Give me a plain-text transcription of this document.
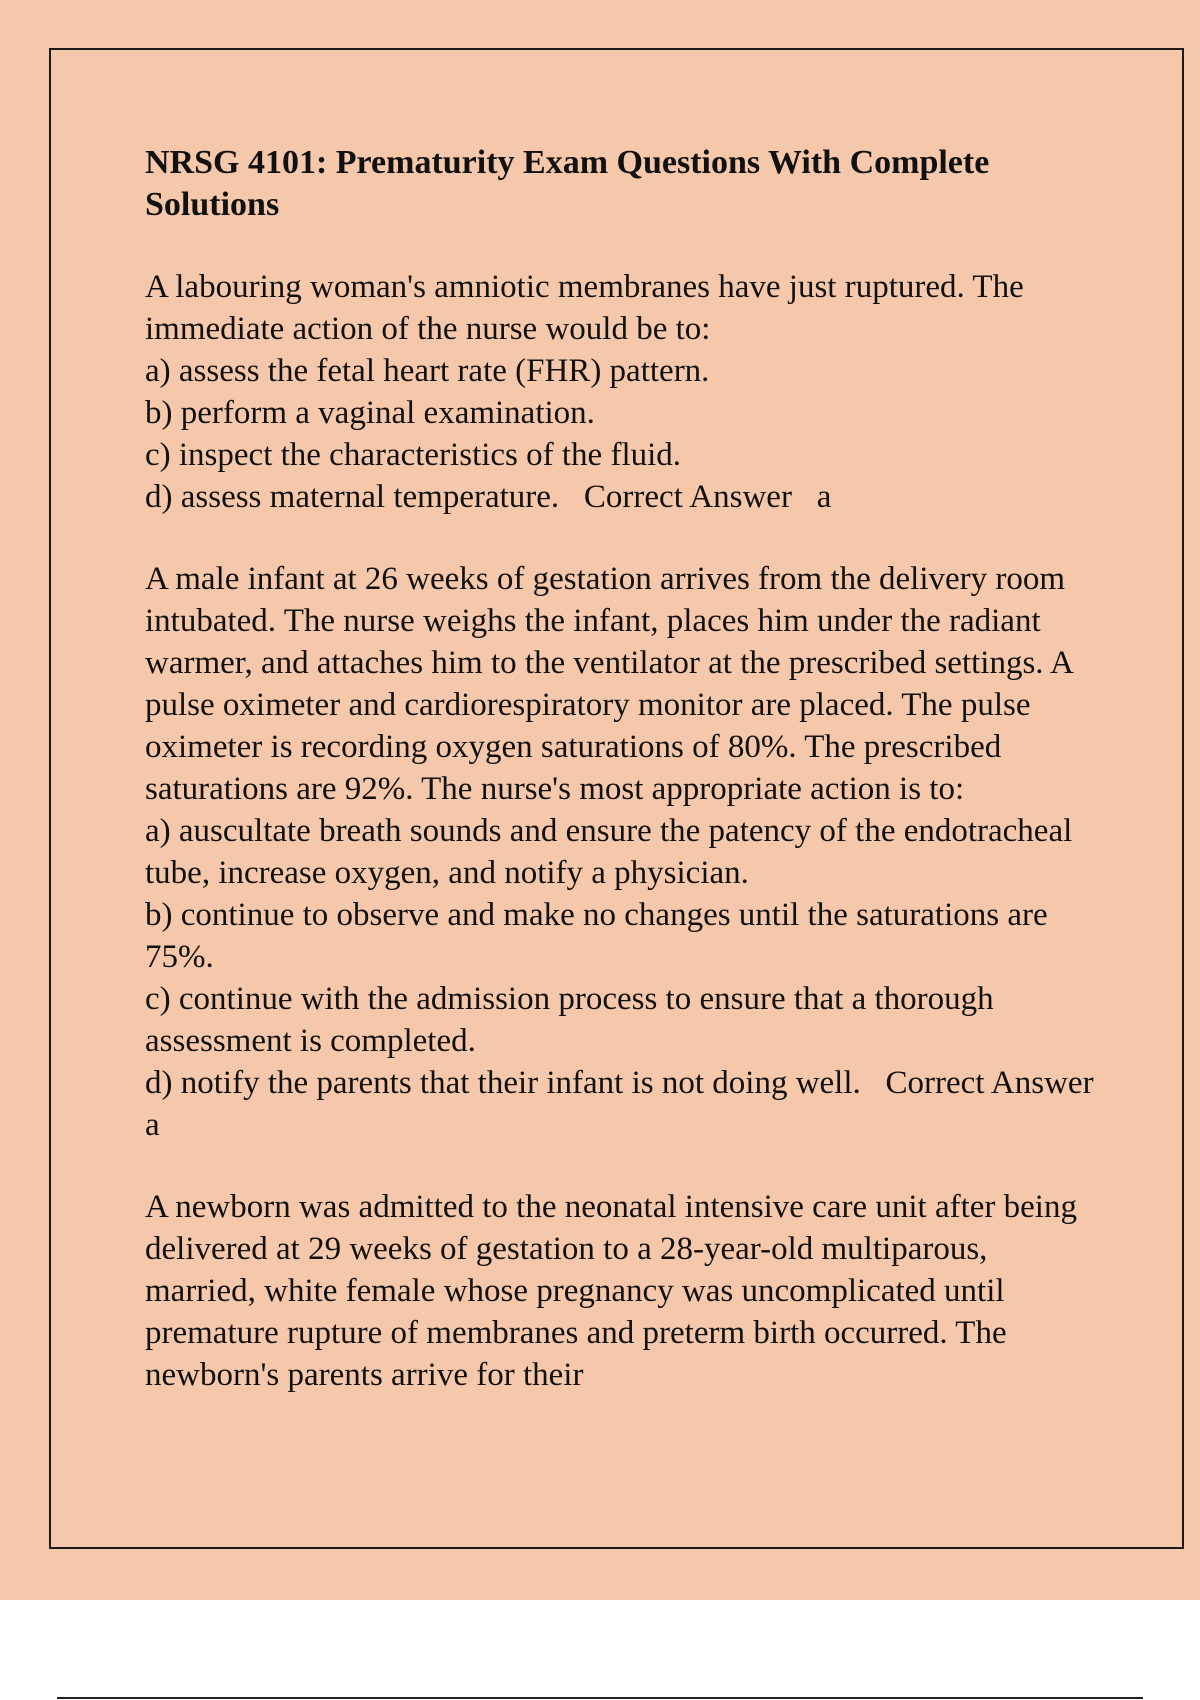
NRSG 4101: Prematurity Exam Questions With Complete Solutions
A labouring woman's amniotic membranes have just ruptured. The immediate action of the nurse would be to:
a) assess the fetal heart rate (FHR) pattern.
b) perform a vaginal examination.
c) inspect the characteristics of the fluid.
d) assess maternal temperature. Correct Answer a
A male infant at 26 weeks of gestation arrives from the delivery room intubated. The nurse weighs the infant, places him under the radiant warmer, and attaches him to the ventilator at the prescribed settings. A pulse oximeter and cardiorespiratory monitor are placed. The pulse oximeter is recording oxygen saturations of 80%. The prescribed saturations are 92%. The nurse's most appropriate action is to:
a) auscultate breath sounds and ensure the patency of the endotracheal tube, increase oxygen, and notify a physician.
b) continue to observe and make no changes until the saturations are 75%.
c) continue with the admission process to ensure that a thorough assessment is completed.
d) notify the parents that their infant is not doing well. Correct Answer   a
A newborn was admitted to the neonatal intensive care unit after being delivered at 29 weeks of gestation to a 28-year-old multiparous, married, white female whose pregnancy was uncomplicated until premature rupture of membranes and preterm birth occurred. The newborn's parents arrive for their
